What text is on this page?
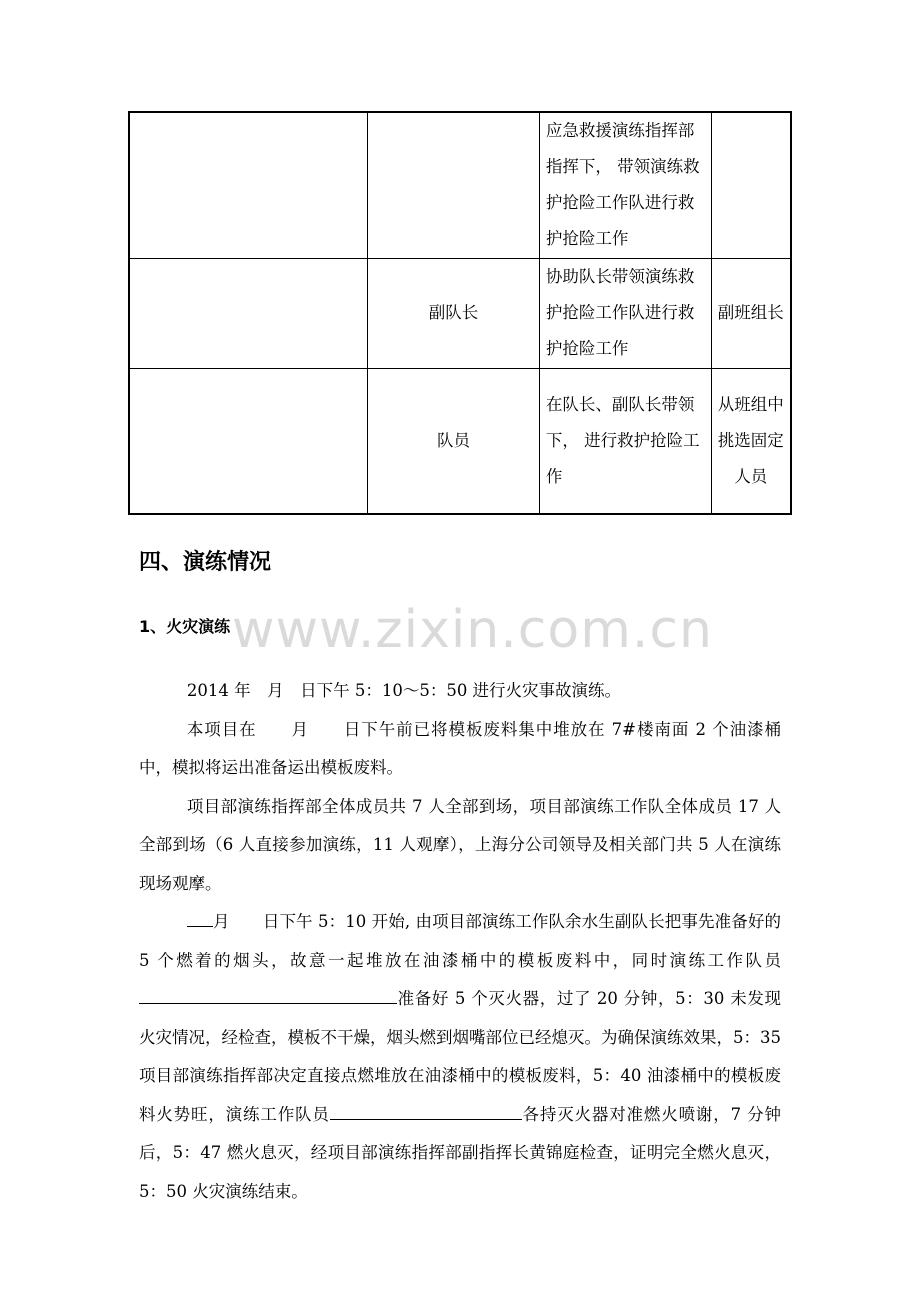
		应急救援演练指挥部指挥下， 带领演练救护抢险工作队进行救护抢险工作	
	副队长	协助队长带领演练救护抢险工作队进行救护抢险工作	副班组长
	队员	在队长、副队长带领下， 进行救护抢险工作	从班组中挑选固定人员
四、演练情况
www.zixin.com.cn
1、火灾演练

2014 年　月　日下午 5：10～5：50 进行火灾事故演练。

本项目在　　月　　日下午前已将模板废料集中堆放在 7#楼南面 2 个油漆桶中，模拟将运出准备运出模板废料。

项目部演练指挥部全体成员共 7 人全部到场，项目部演练工作队全体成员 17 人全部到场（6 人直接参加演练，11 人观摩），上海分公司领导及相关部门共 5 人在演练现场观摩。

月　　日下午 5：10 开始, 由项目部演练工作队余水生副队长把事先准备好的 5 个燃着的烟头，故意一起堆放在油漆桶中的模板废料中，同时演练工作队员准备好 5 个灭火器，过了 20 分钟，5：30 未发现火灾情况，经检查，模板不干燥，烟头燃到烟嘴部位已经熄灭。为确保演练效果，5：35 项目部演练指挥部决定直接点燃堆放在油漆桶中的模板废料，5：40 油漆桶中的模板废料火势旺，演练工作队员	各持灭火器对准燃火喷谢，7 分钟后，5：47 燃火息灭，经项目部演练指挥部副指挥长黄锦庭检查，证明完全燃火息灭，5：50 火灾演练结束。
